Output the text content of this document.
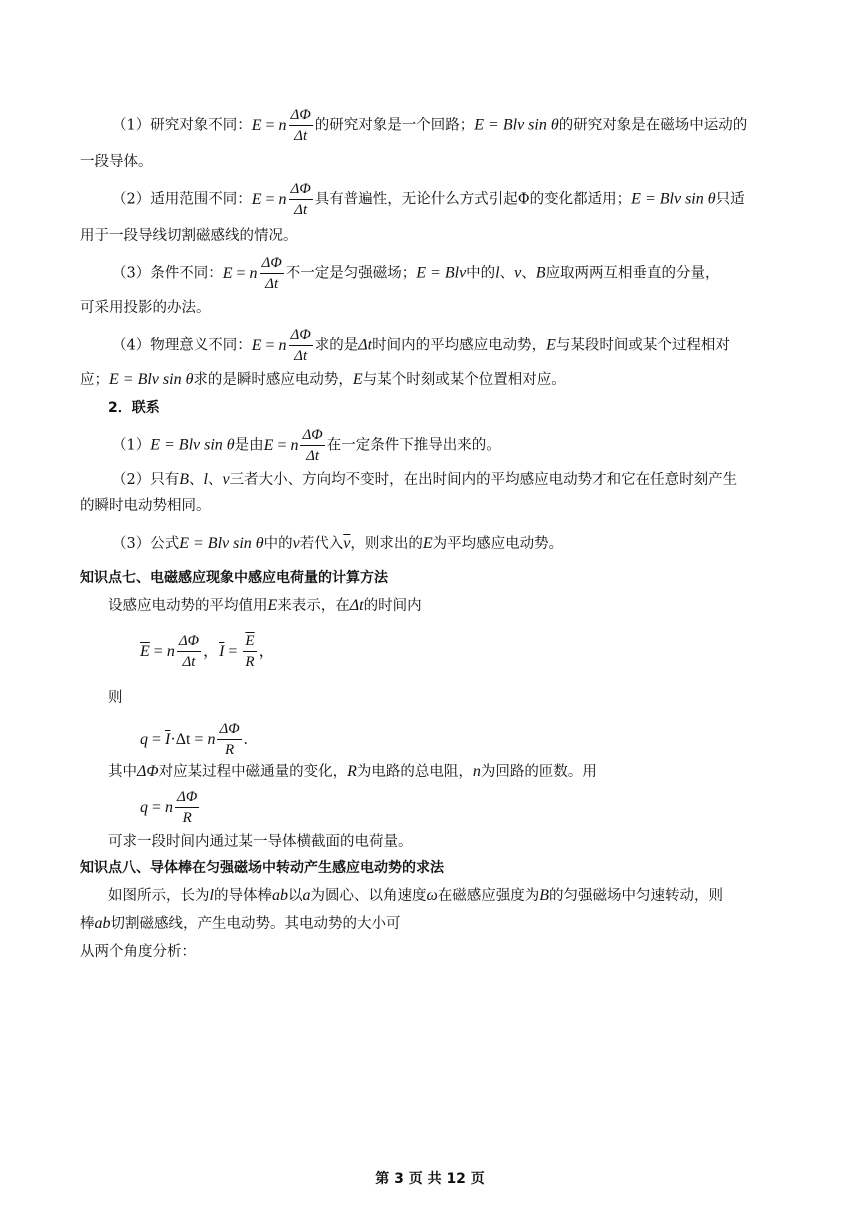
（1）研究对象不同：E = n $\frac{\Delta\Phi}{\Delta t}$ 的研究对象是一个回路；E = Blv sin θ的研究对象是在磁场中运动的
一段导体。
（2）适用范围不同：E = n $\frac{\Delta\Phi}{\Delta t}$ 具有普遍性，无论什么方式引起Φ的变化都适用；E = Blv sin θ只适
用于一段导线切割磁感线的情况。
（3）条件不同：E = n $\frac{\Delta\Phi}{\Delta t}$ 不一定是匀强磁场；E = Blv中的l、v、B应取两两互相垂直的分量，
可采用投影的办法。
（4）物理意义不同：E = n $\frac{\Delta\Phi}{\Delta t}$ 求的是Δt时间内的平均感应电动势，E与某段时间或某个过程相对
应；E = Blv sin θ求的是瞬时感应电动势，E与某个时刻或某个位置相对应。
2．联系
（1）E = Blv sin θ是由E = n $\frac{\Delta\Phi}{\Delta t}$ 在一定条件下推导出来的。
（2）只有B、l、v三者大小、方向均不变时，在出时间内的平均感应电动势才和它在任意时刻产生
的瞬时电动势相同。
（3）公式E = Blv sin θ中的v若代入$\overline{v}$，则求出的E为平均感应电动势。
知识点七、电磁感应现象中感应电荷量的计算方法
设感应电动势的平均值用E来表示，在Δt的时间内
$\overline{E} = n \frac{\Delta\Phi}{\Delta t}$ ，$\overline{I} = \frac{\overline{E}}{R}$ ，
则
$q = \overline{I}\cdot\Delta t = n \frac{\Delta\Phi}{R}$ .
其中ΔΦ对应某过程中磁通量的变化，R为电路的总电阻，n为回路的匝数。用
q = n $\frac{\Delta\Phi}{R}$
可求一段时间内通过某一导体横截面的电荷量。
知识点八、导体棒在匀强磁场中转动产生感应电动势的求法
如图所示，长为l的导体棒ab以a为圆心、以角速度ω在磁感应强度为B的匀强磁场中匀速转动，则
棒ab切割磁感线，产生电动势。其电动势的大小可
从两个角度分析：
第 3 页 共 12 页
